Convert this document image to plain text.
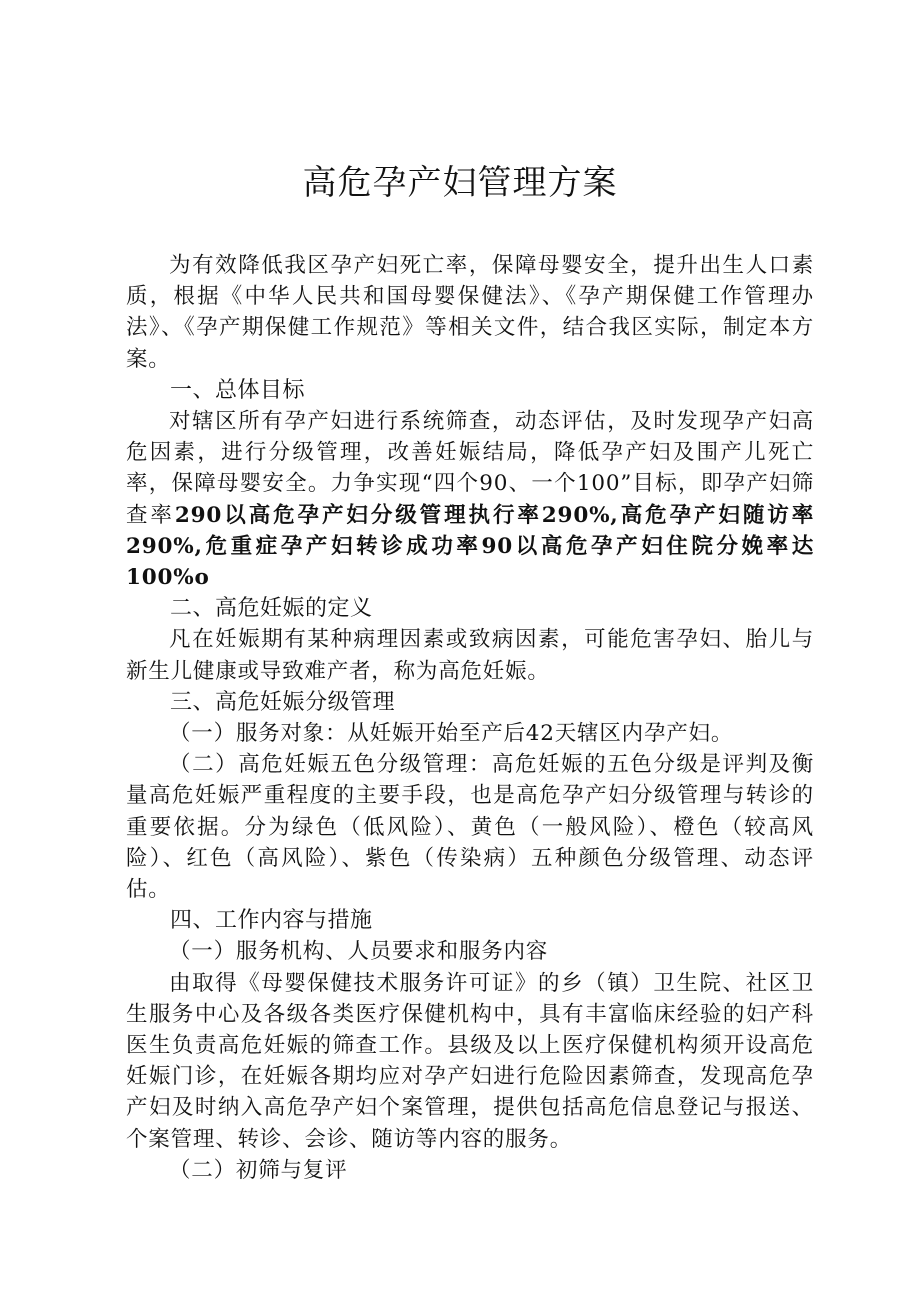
高危孕产妇管理方案

为有效降低我区孕产妇死亡率，保障母婴安全，提升出生人口素质，根据《中华人民共和国母婴保健法》、《孕产期保健工作管理办法》、《孕产期保健工作规范》等相关文件，结合我区实际，制定本方案。

一、总体目标

对辖区所有孕产妇进行系统筛查，动态评估，及时发现孕产妇高危因素，进行分级管理，改善妊娠结局，降低孕产妇及围产儿死亡率，保障母婴安全。力争实现“四个90、一个100”目标，即孕产妇筛查率290以高危孕产妇分级管理执行率290%,高危孕产妇随访率290%,危重症孕产妇转诊成功率90以高危孕产妇住院分娩率达100%o

二、高危妊娠的定义

凡在妊娠期有某种病理因素或致病因素，可能危害孕妇、胎儿与新生儿健康或导致难产者，称为高危妊娠。

三、高危妊娠分级管理

（一）服务对象：从妊娠开始至产后42天辖区内孕产妇。

（二）高危妊娠五色分级管理：高危妊娠的五色分级是评判及衡量高危妊娠严重程度的主要手段，也是高危孕产妇分级管理与转诊的重要依据。分为绿色（低风险）、黄色（一般风险）、橙色（较高风险）、红色（高风险）、紫色（传染病）五种颜色分级管理、动态评估。

四、工作内容与措施

（一）服务机构、人员要求和服务内容

由取得《母婴保健技术服务许可证》的乡（镇）卫生院、社区卫生服务中心及各级各类医疗保健机构中，具有丰富临床经验的妇产科医生负责高危妊娠的筛查工作。县级及以上医疗保健机构须开设高危妊娠门诊，在妊娠各期均应对孕产妇进行危险因素筛查，发现高危孕产妇及时纳入高危孕产妇个案管理，提供包括高危信息登记与报送、个案管理、转诊、会诊、随访等内容的服务。

（二）初筛与复评
